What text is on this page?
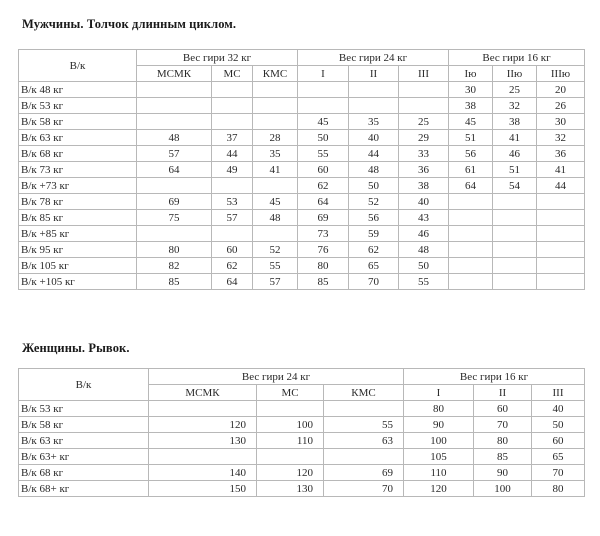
Мужчины. Толчок длинным циклом.
В/к	Вес гири 32 кг			Вес гири 24 кг			Вес гири 16 кг		
	МСМК	МС	КМС	I	II	III	Iю	IIю	IIIю
В/к 48 кг							30	25	20
В/к 53 кг							38	32	26
В/к 58 кг				45	35	25	45	38	30
В/к 63 кг	48	37	28	50	40	29	51	41	32
В/к 68 кг	57	44	35	55	44	33	56	46	36
В/к 73 кг	64	49	41	60	48	36	61	51	41
В/к +73 кг				62	50	38	64	54	44
В/к 78 кг	69	53	45	64	52	40			
В/к 85 кг	75	57	48	69	56	43			
В/к +85 кг				73	59	46			
В/к 95 кг	80	60	52	76	62	48			
В/к 105 кг	82	62	55	80	65	50			
В/к +105 кг	85	64	57	85	70	55			
Женщины. Рывок.
В/к	Вес гири 24 кг			Вес гири 16 кг		
	МСМК	МС	КМС	I	II	III
В/к 53 кг				80	60	40
В/к 58 кг	120	100	55	90	70	50
В/к 63 кг	130	110	63	100	80	60
В/к 63+ кг				105	85	65
В/к 68 кг	140	120	69	110	90	70
В/к 68+ кг	150	130	70	120	100	80
